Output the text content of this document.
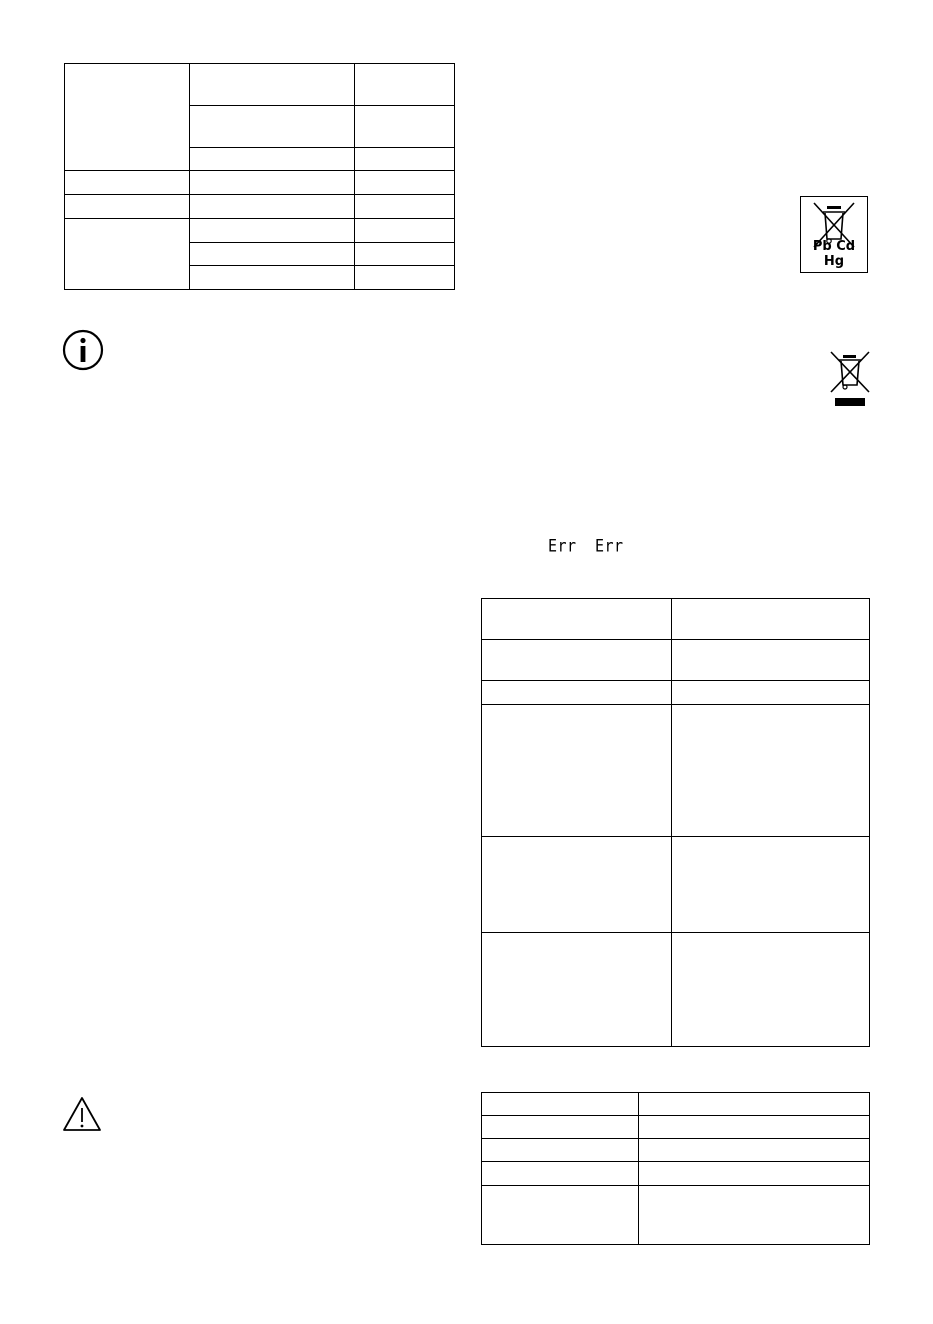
Pb Cd Hg
Err Err
